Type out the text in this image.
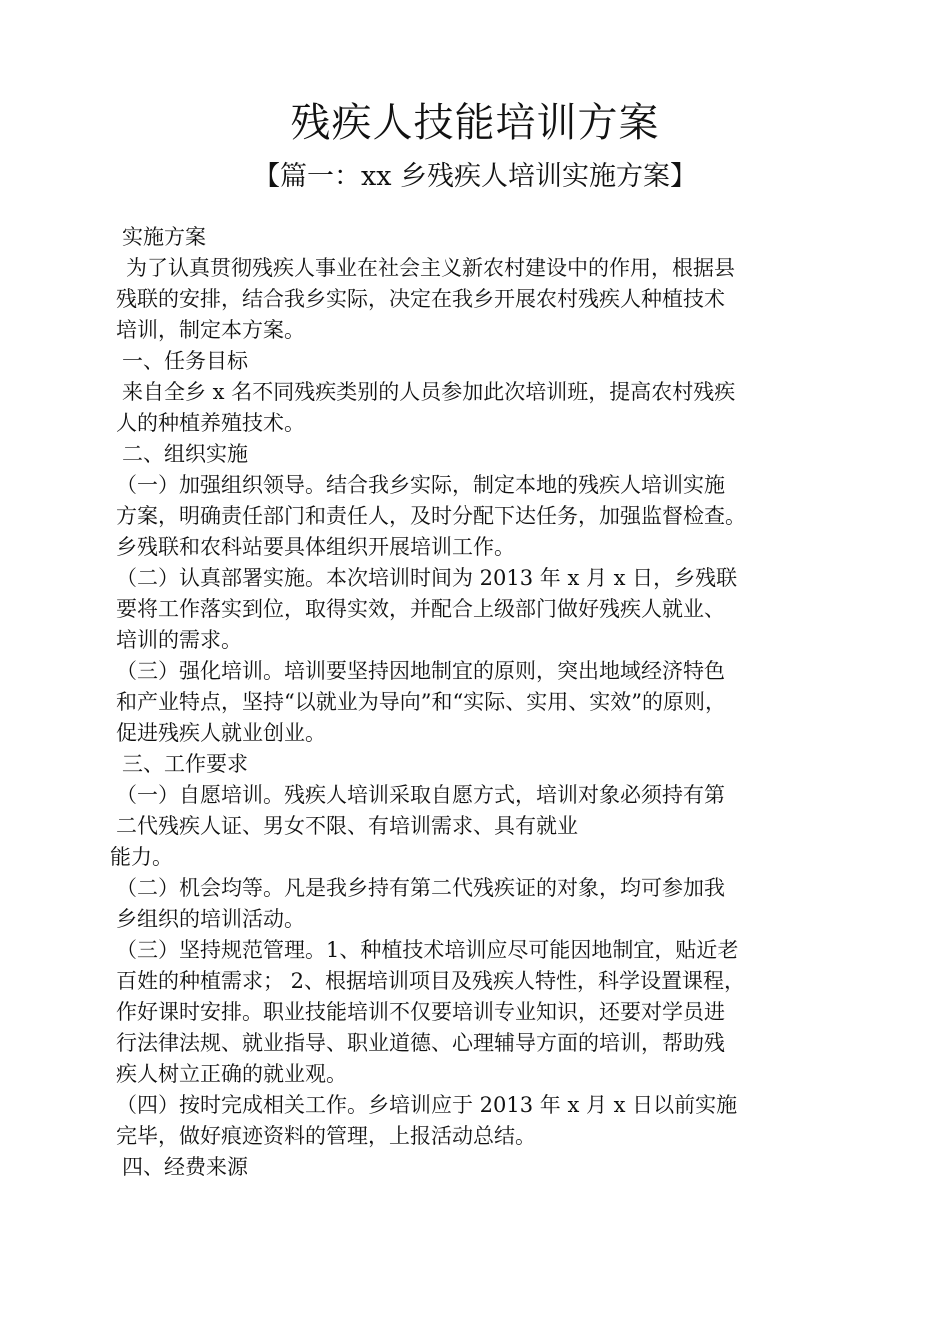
残疾人技能培训方案
【篇一：xx 乡残疾人培训实施方案】
实施方案
为了认真贯彻残疾人事业在社会主义新农村建设中的作用，根据县
残联的安排，结合我乡实际，决定在我乡开展农村残疾人种植技术
培训，制定本方案。
一、任务目标
来自全乡 x 名不同残疾类别的人员参加此次培训班，提高农村残疾
人的种植养殖技术。
二、组织实施
（一）加强组织领导。结合我乡实际，制定本地的残疾人培训实施
方案，明确责任部门和责任人，及时分配下达任务，加强监督检查。
乡残联和农科站要具体组织开展培训工作。
（二）认真部署实施。本次培训时间为 2013 年 x 月 x 日，乡残联
要将工作落实到位，取得实效，并配合上级部门做好残疾人就业、
培训的需求。
（三）强化培训。培训要坚持因地制宜的原则，突出地域经济特色
和产业特点，坚持“以就业为导向”和“实际、实用、实效”的原则，
促进残疾人就业创业。
三、工作要求
（一）自愿培训。残疾人培训采取自愿方式，培训对象必须持有第
二代残疾人证、男女不限、有培训需求、具有就业
能力。
（二）机会均等。凡是我乡持有第二代残疾证的对象，均可参加我
乡组织的培训活动。
（三）坚持规范管理。1、种植技术培训应尽可能因地制宜，贴近老
百姓的种植需求； 2、根据培训项目及残疾人特性，科学设置课程，
作好课时安排。职业技能培训不仅要培训专业知识，还要对学员进
行法律法规、就业指导、职业道德、心理辅导方面的培训，帮助残
疾人树立正确的就业观。
（四）按时完成相关工作。乡培训应于 2013 年 x 月 x 日以前实施
完毕，做好痕迹资料的管理，上报活动总结。
四、经费来源
